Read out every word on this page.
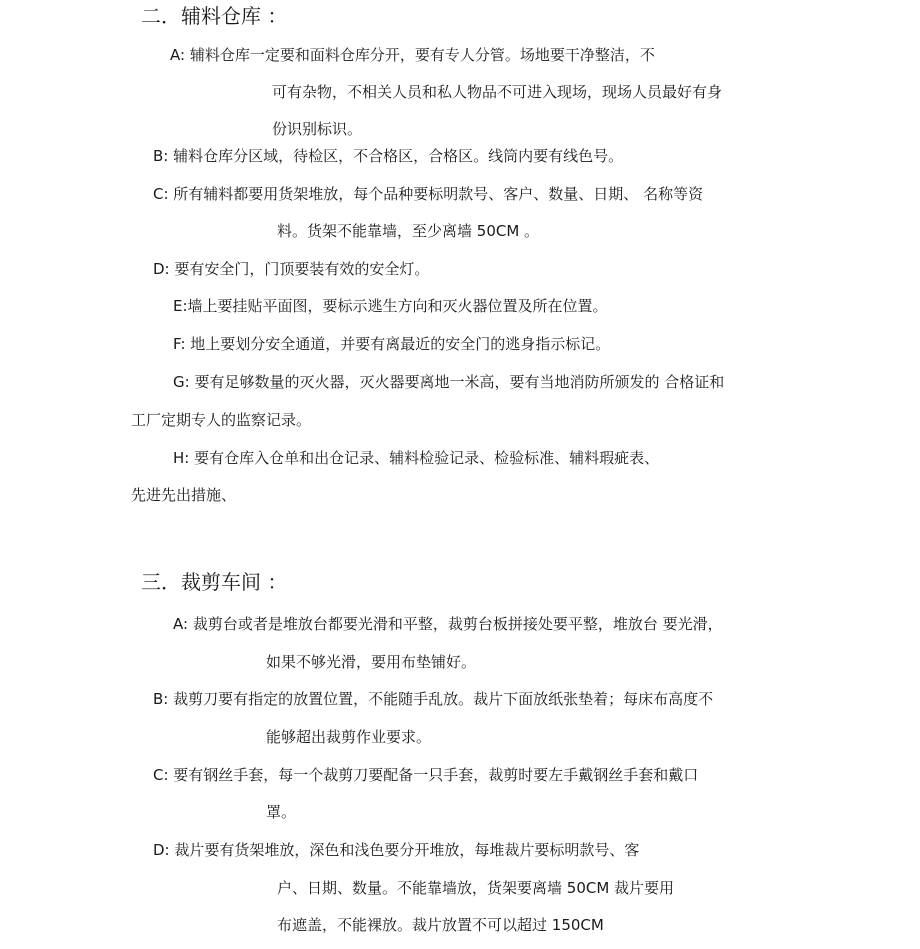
二．辅料仓库 ：
A: 辅料仓库一定要和面料仓库分开，要有专人分管。场地要干净整洁，不
可有杂物，不相关人员和私人物品不可进入现场，现场人员最好有身
份识别标识。
B: 辅料仓库分区域，待检区，不合格区，合格区。线筒内要有线色号。
C: 所有辅料都要用货架堆放，每个品种要标明款号、客户、数量、日期、 名称等资
料。货架不能靠墙，至少离墙 50CM 。
D: 要有安全门，门顶要装有效的安全灯。
E:墙上要挂贴平面图，要标示逃生方向和灭火器位置及所在位置。
F: 地上要划分安全通道，并要有离最近的安全门的逃身指示标记。
G: 要有足够数量的灭火器，灭火器要离地一米高，要有当地消防所颁发的 合格证和
工厂定期专人的监察记录。
H: 要有仓库入仓单和出仓记录、辅料检验记录、检验标准、辅料瑕疵表、
先进先出措施、
三．裁剪车间 ：
A: 裁剪台或者是堆放台都要光滑和平整，裁剪台板拼接处要平整，堆放台 要光滑，
如果不够光滑，要用布垫铺好。
B: 裁剪刀要有指定的放置位置，不能随手乱放。裁片下面放纸张垫着；每床布高度不
能够超出裁剪作业要求。
C: 要有钢丝手套，每一个裁剪刀要配备一只手套，裁剪时要左手戴钢丝手套和戴口
罩。
D: 裁片要有货架堆放，深色和浅色要分开堆放，每堆裁片要标明款号、客
户、日期、数量。不能靠墙放，货架要离墙 50CM 裁片要用
布遮盖，不能裸放。裁片放置不可以超过 150CM
